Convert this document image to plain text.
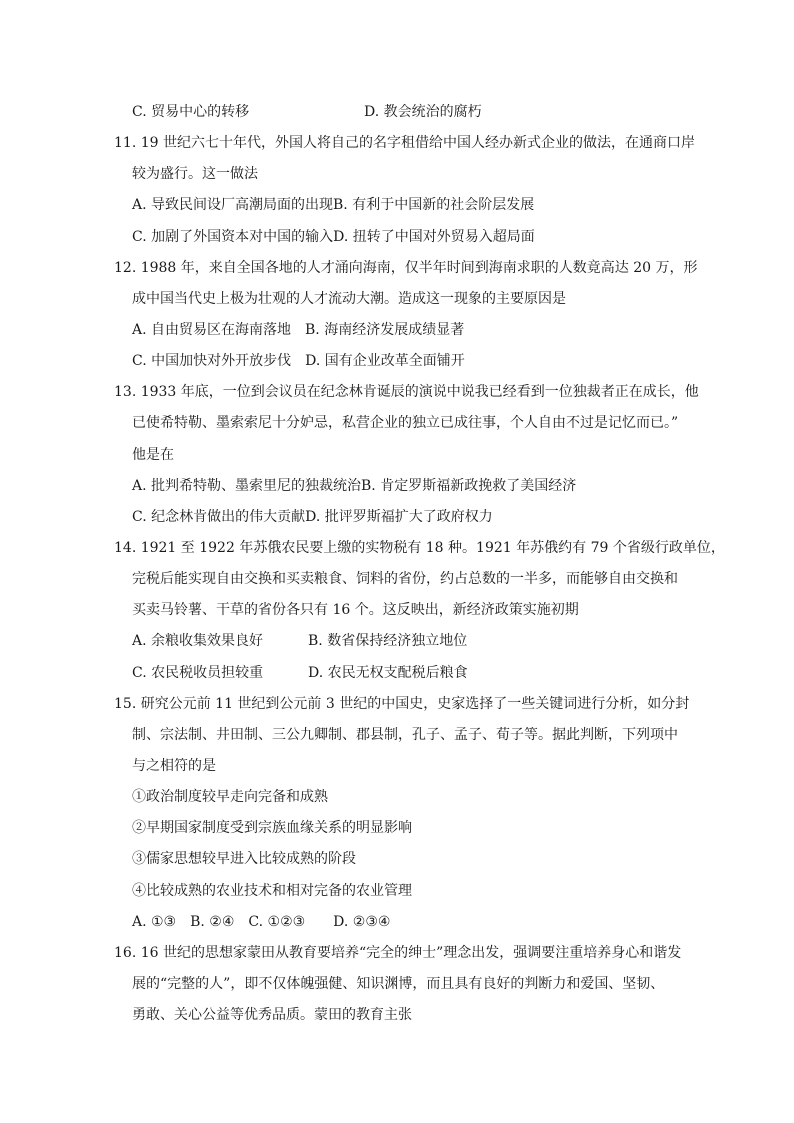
C. 贸易中心的转移	D. 教会统治的腐朽
11. 19 世纪六七十年代，外国人将自己的名字租借给中国人经办新式企业的做法，在通商口岸
较为盛行。这一做法
A. 导致民间设厂高潮局面的出现B. 有利于中国新的社会阶层发展
C. 加剧了外国资本对中国的输入D. 扭转了中国对外贸易入超局面
12. 1988 年，来自全国各地的人才涌向海南，仅半年时间到海南求职的人数竟高达 20 万，形
成中国当代史上极为壮观的人才流动大潮。造成这一现象的主要原因是
A. 自由贸易区在海南落地　B. 海南经济发展成绩显著
C. 中国加快对外开放步伐　D. 国有企业改革全面铺开
13. 1933 年底，一位到会议员在纪念林肯诞辰的演说中说我已经看到一位独裁者正在成长，他
已使希特勒、墨索索尼十分妒忌，私营企业的独立已成往事，个人自由不过是记忆而已。”
他是在
A. 批判希特勒、墨索里尼的独裁统治B. 肯定罗斯福新政挽救了美国经济
C. 纪念林肯做出的伟大贡献D. 批评罗斯福扩大了政府权力
14. 1921 至 1922 年苏俄农民要上缴的实物税有 18 种。1921 年苏俄约有 79 个省级行政单位，
完税后能实现自由交换和买卖粮食、饲料的省份，约占总数的一半多，而能够自由交换和
买卖马铃薯、干草的省份各只有 16 个。这反映出，新经济政策实施初期
A. 余粮收集效果良好	B. 数省保持经济独立地位
C. 农民税收员担较重	D. 农民无权支配税后粮食
15. 研究公元前 11 世纪到公元前 3 世纪的中国史，史家选择了一些关键词进行分析，如分封
制、宗法制、井田制、三公九卿制、郡县制，孔子、孟子、荀子等。据此判断，下列项中
与之相符的是
①政治制度较早走向完备和成熟
②早期国家制度受到宗族血缘关系的明显影响
③儒家思想较早进入比较成熟的阶段
④比较成熟的农业技术和相对完备的农业管理
A. ①③　B. ②④　C. ①②③　　D. ②③④
16. 16 世纪的思想家蒙田从教育要培养“完全的绅士”理念出发，强调要注重培养身心和谐发
展的“完整的人”，即不仅体魄强健、知识渊博，而且具有良好的判断力和爱国、坚韧、
勇敢、关心公益等优秀品质。蒙田的教育主张
